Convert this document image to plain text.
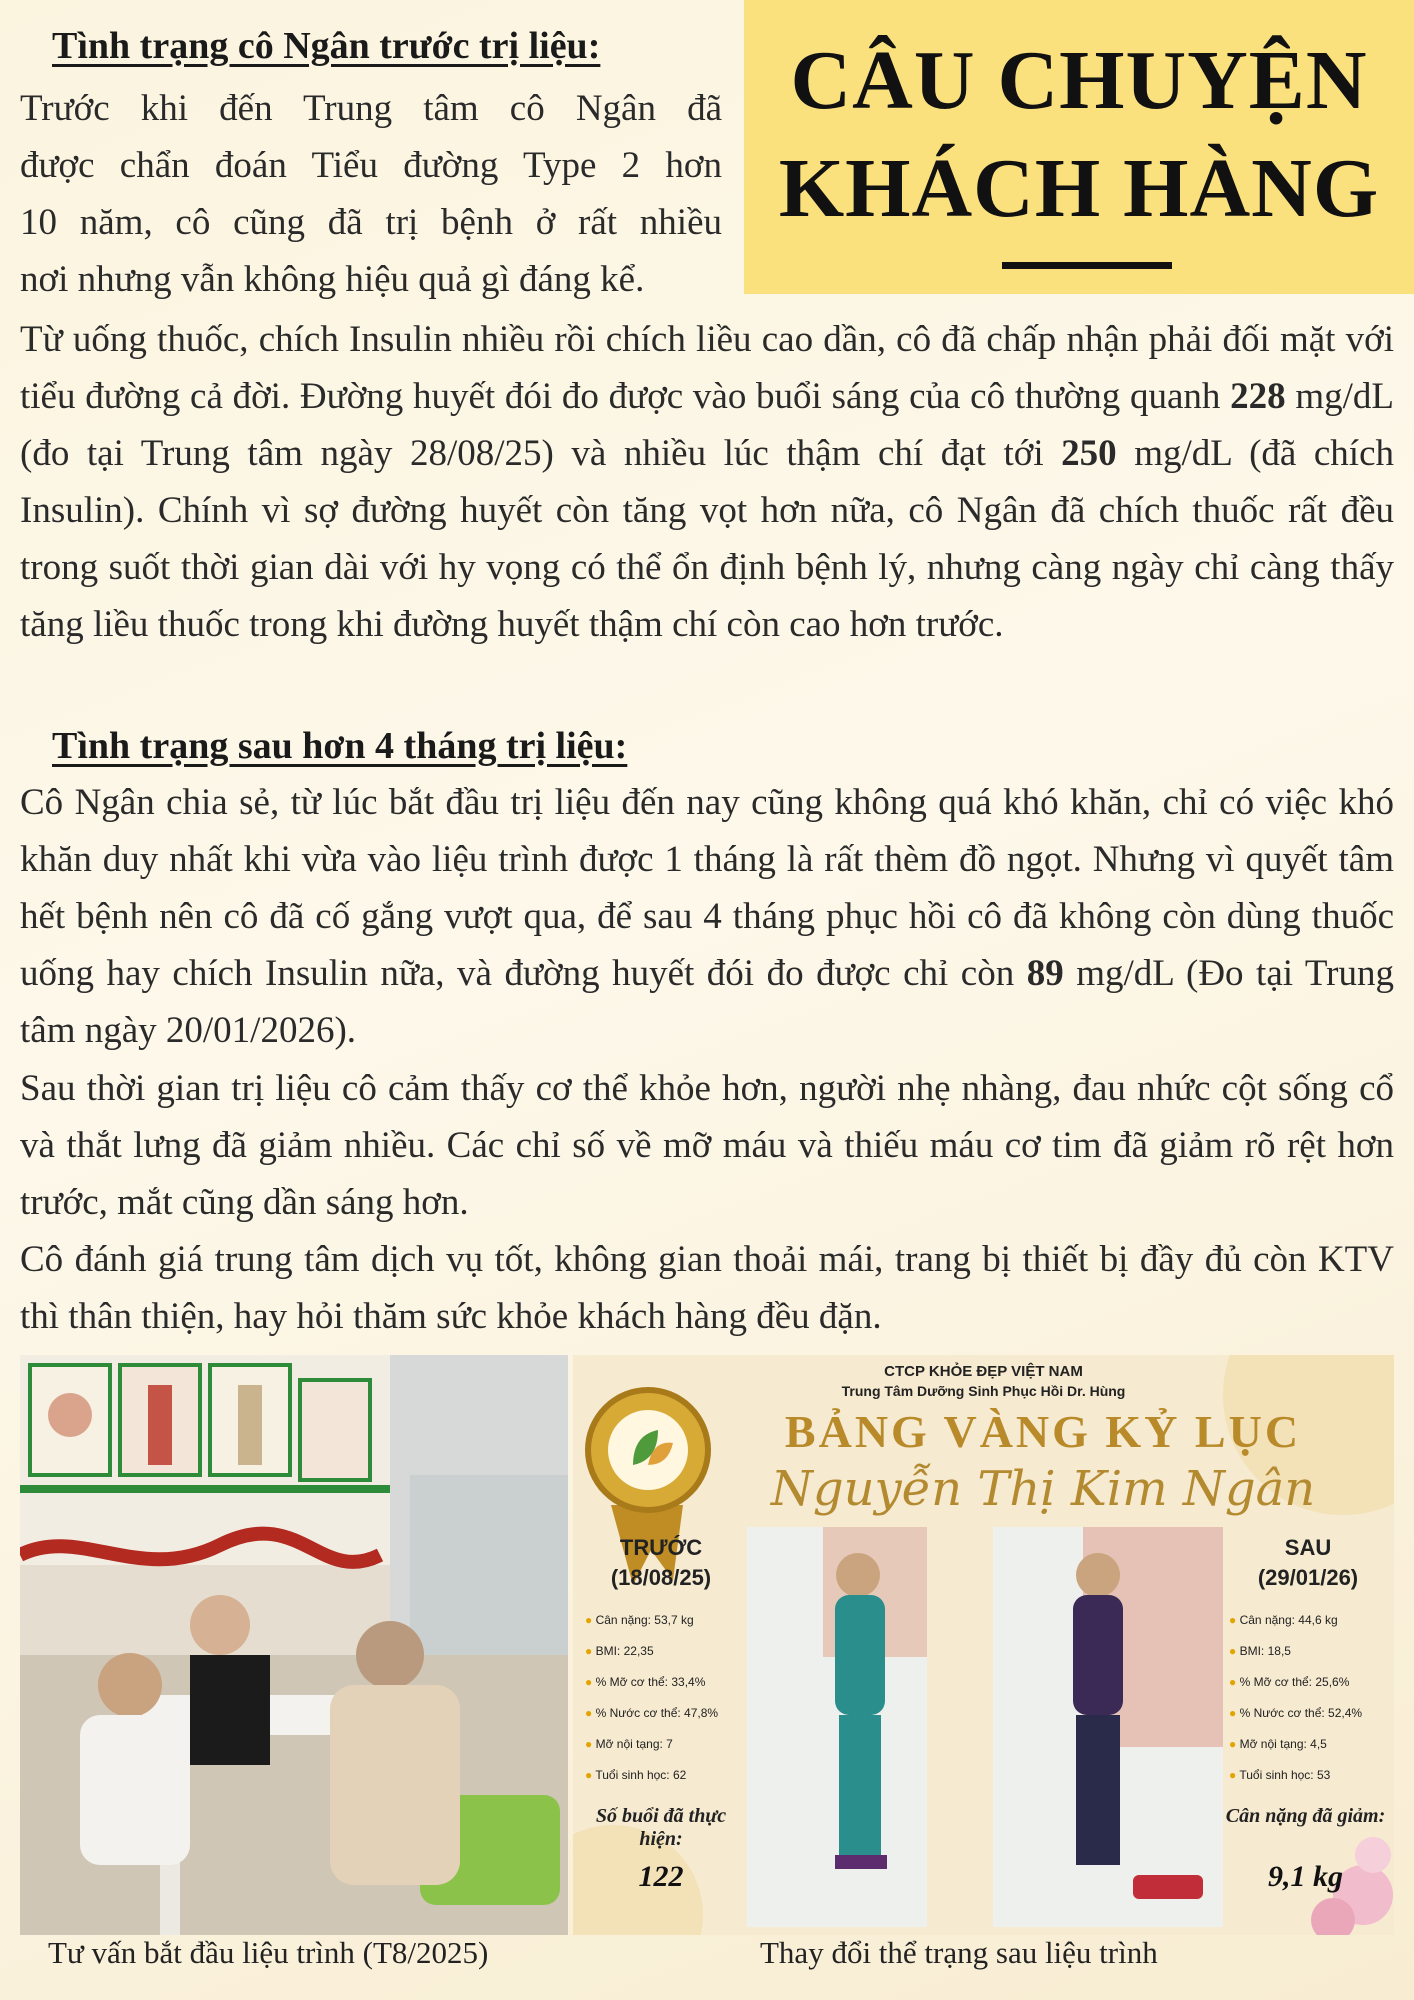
CÂU CHUYỆN
KHÁCH HÀNG
Tình trạng cô Ngân trước trị liệu:
Trước khi đến Trung tâm cô Ngân đã
được chẩn đoán Tiểu đường Type 2 hơn
10 năm, cô cũng đã trị bệnh ở rất nhiều
nơi nhưng vẫn không hiệu quả gì đáng kể.
Từ uống thuốc, chích Insulin nhiều rồi chích liều cao dần, cô đã chấp nhận phải đối mặt với tiểu đường cả đời. Đường huyết đói đo được vào buổi sáng của cô thường quanh 228 mg/dL (đo tại Trung tâm ngày 28/08/25) và nhiều lúc thậm chí đạt tới 250 mg/dL (đã chích Insulin). Chính vì sợ đường huyết còn tăng vọt hơn nữa, cô Ngân đã chích thuốc rất đều trong suốt thời gian dài với hy vọng có thể ổn định bệnh lý, nhưng càng ngày chỉ càng thấy tăng liều thuốc trong khi đường huyết thậm chí còn cao hơn trước.
Tình trạng sau hơn 4 tháng trị liệu:
Cô Ngân chia sẻ, từ lúc bắt đầu trị liệu đến nay cũng không quá khó khăn, chỉ có việc khó khăn duy nhất khi vừa vào liệu trình được 1 tháng là rất thèm đồ ngọt. Nhưng vì quyết tâm hết bệnh nên cô đã cố gắng vượt qua, để sau 4 tháng phục hồi cô đã không còn dùng thuốc uống hay chích Insulin nữa, và đường huyết đói đo được chỉ còn 89 mg/dL (Đo tại Trung tâm ngày 20/01/2026).
Sau thời gian trị liệu cô cảm thấy cơ thể khỏe hơn, người nhẹ nhàng, đau nhức cột sống cổ và thắt lưng đã giảm nhiều. Các chỉ số về mỡ máu và thiếu máu cơ tim đã giảm rõ rệt hơn trước, mắt cũng dần sáng hơn.
Cô đánh giá trung tâm dịch vụ tốt, không gian thoải mái, trang bị thiết bị đầy đủ còn KTV thì thân thiện, hay hỏi thăm sức khỏe khách hàng đều đặn.
CTCP KHỎE ĐẸP VIỆT NAM
Trung Tâm Dưỡng Sinh Phục Hồi Dr. Hùng
BẢNG VÀNG KỶ LỤC
Nguyễn Thị Kim Ngân
TRƯỚC
(18/08/25)
● Cân nặng: 53,7 kg
● BMI: 22,35
● % Mỡ cơ thể: 33,4%
● % Nước cơ thể: 47,8%
● Mỡ nội tạng: 7
● Tuổi sinh học: 62
Số buổi đã thực hiện:
122
SAU
(29/01/26)
● Cân nặng: 44,6 kg
● BMI: 18,5
● % Mỡ cơ thể: 25,6%
● % Nước cơ thể: 52,4%
● Mỡ nội tạng: 4,5
● Tuổi sinh học: 53
Cân nặng đã giảm:
9,1 kg
Tư vấn bắt đầu liệu trình (T8/2025)	Thay đổi thể trạng sau liệu trình
